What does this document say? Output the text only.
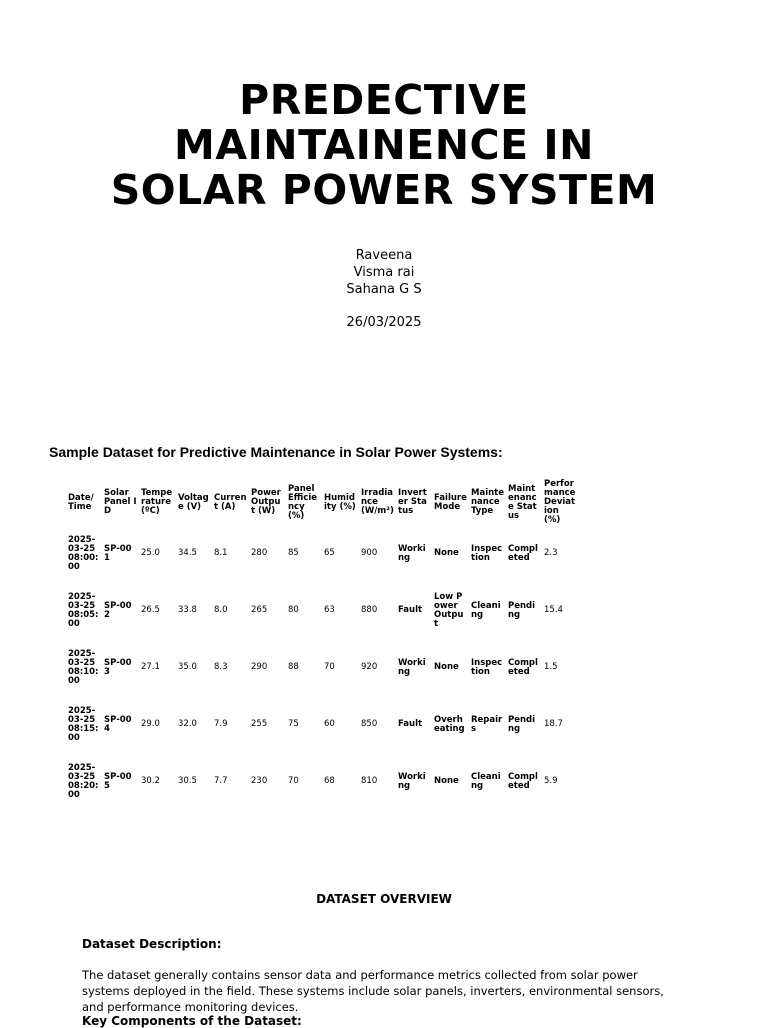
PREDECTIVE
MAINTAINENCE IN
SOLAR POWER SYSTEM
Raveena
Visma rai
Sahana G S
26/03/2025
Sample Dataset for Predictive Maintenance in Solar Power Systems:
Date/ Time	Solar Panel ID	Temperature (ºC)	Voltage (V)	Current (A)	Power Output (W)	Panel Efficiency (%)	Humidity (%)	Irradiance (W/m²)	Inverter Status	Failure Mode	Maintenance Type	Maintenance Status	Performance Deviation (%)
2025-03-25 08:00:00	SP-001	25.0	34.5	8.1	280	85	65	900	Working	None	Inspection	Completed	2.3
2025-03-25 08:05:00	SP-002	26.5	33.8	8.0	265	80	63	880	Fault	Low Power Output	Cleaning	Pending	15.4
2025-03-25 08:10:00	SP-003	27.1	35.0	8.3	290	88	70	920	Working	None	Inspection	Completed	1.5
2025-03-25 08:15:00	SP-004	29.0	32.0	7.9	255	75	60	850	Fault	Overheating	Repairs	Pending	18.7
2025-03-25 08:20:00	SP-005	30.2	30.5	7.7	230	70	68	810	Working	None	Cleaning	Completed	5.9
DATASET OVERVIEW
Dataset Description:
The dataset generally contains sensor data and performance metrics collected from solar power systems deployed in the field. These systems include solar panels, inverters, environmental sensors, and performance monitoring devices.
Key Components of the Dataset:
